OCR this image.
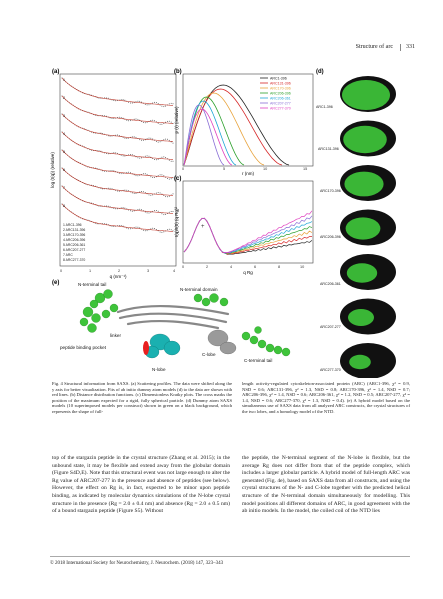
Structure of arc 331
(a)
log (I(q)) (relative)
q (nm⁻¹)
0	1	2	3	4
1
2
3
4
5
6
7
8
1 ARC1-396
2 ARC131-396
3 ARC170-396
4 ARC206-396
5 ARC206-361
6 ARC207-277
7 ARC
8 ARC277-370
(b)
p (r) (relative)
r (nm)
0	5	10	15
ARC1-396
ARC131-396
ARC170-396
ARC206-396
ARC206-361
ARC207-277
ARC277-370
(c)
I(q)/I(0) (q Rg)²
q Rg
0	2	4	6	8	10
+
(d)
ARC1-396
ARC131-396
ARC170-396
ARC206-396
ARC206-361
ARC207-277
ARC277-370
(e)	N-terminal tail
N-terminal domain
linker
peptide binding pocket
C-lobe
C-terminal tail
N-lobe
Fig. 4 Structural information from SAXS. (a) Scattering profiles. The data were shifted along the y axis for better visualization. Fits of ab initio dummy atom models (d) to the data are shown with red lines. (b) Distance distribution functions. (c) Dimensionless Kratky plots. The cross marks the position of the maximum expected for a rigid, fully spherical particle. (d) Dummy atom SAXS models (10 superimposed models per construct) shown in green on a black background, which represents the shape of full-
length activity-regulated cytoskeleton-associated protein (ARC) (ARC1-396, χ² = 0.9, NSD = 0.6; ARC131-396, χ² = 1.3, NSD = 0.8; ARC170-396, χ² = 1.4, NSD = 0.7; ARC206-396, χ² = 1.4, NSD = 0.6; ARC206-361, χ² = 1.2, NSD = 0.5; ARC207-277, χ² = 1.4, NSD = 0.6; ARC277-370, χ² = 1.3, NSD = 0.4). (e) A hybrid model based on the simultaneous use of SAXS data from all analyzed ARC constructs, the crystal structures of the two lobes, and a homology model of the NTD.
top of the stargazin peptide in the crystal structure (Zhang et al. 2015); in the unbound state, it may be flexible and extend away from the globular domain (Figure S4D,E). Note that this structural event was not large enough to alter the Rg value of ARC207-277 in the presence and absence of peptides (see below). However, the effect on Rg is, in fact, expected to be minor upon peptide binding, as indicated by molecular dynamics simulations of the N-lobe crystal structure in the presence (Rg = 2.0 ± 0.4 nm) and absence (Rg = 2.0 ± 0.5 nm) of a bound stargazin peptide (Figure S5). Without
the peptide, the N-terminal segment of the N-lobe is flexible, but the average Rg does not differ from that of the peptide complex, which includes a larger globular particle. A hybrid model of full-length ARC was generated (Fig. 4e), based on SAXS data from all constructs, and using the crystal structures of the N- and C-lobe together with the predicted helical structure of the N-terminal domain simultaneously for modelling. This model positions all different domains of ARC, in good agreement with the ab initio models. In the model, the coiled coil of the NTD lies
© 2018 International Society for Neurochemistry, J. Neurochem. (2018) 147, 323–343
